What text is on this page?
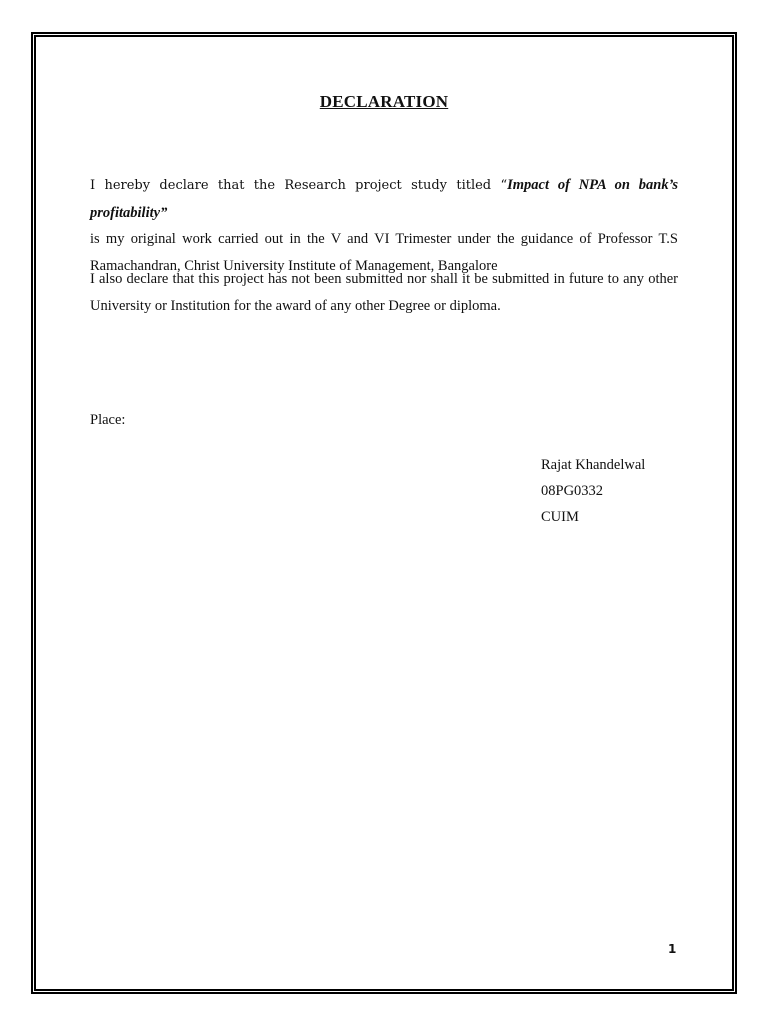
DECLARATION
I hereby declare that the Research project study titled “Impact of NPA on bank’s profitability”
is my original work carried out in the V and VI Trimester under the guidance of Professor T.S Ramachandran, Christ University Institute of Management, Bangalore
I also declare that this project has not been submitted nor shall it be submitted in future to any other University or Institution for the award of any other Degree or diploma.
Place:
Rajat Khandelwal
08PG0332
CUIM
1
